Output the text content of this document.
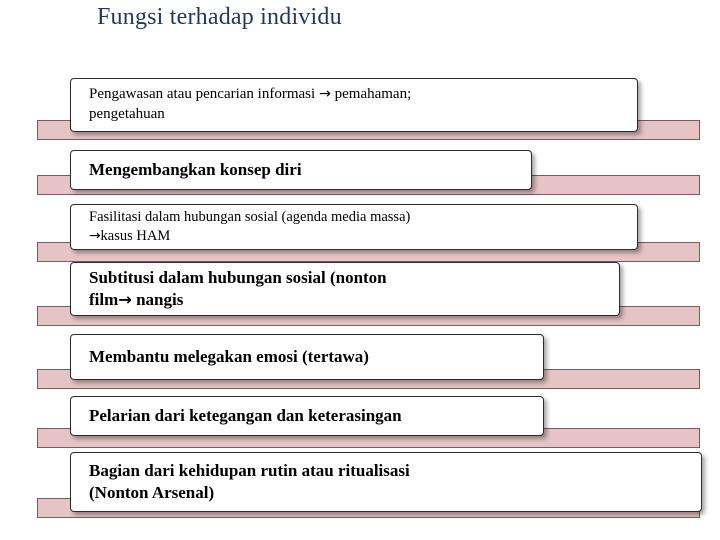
Fungsi terhadap individu
Pengawasan atau pencarian informasi → pemahaman;
pengetahuan
Mengembangkan konsep diri
Fasilitasi dalam hubungan sosial (agenda media massa)
→kasus HAM
Subtitusi dalam hubungan sosial (nonton
film→ nangis
Membantu melegakan emosi (tertawa)
Pelarian dari ketegangan dan keterasingan
Bagian dari kehidupan rutin atau ritualisasi
(Nonton Arsenal)
